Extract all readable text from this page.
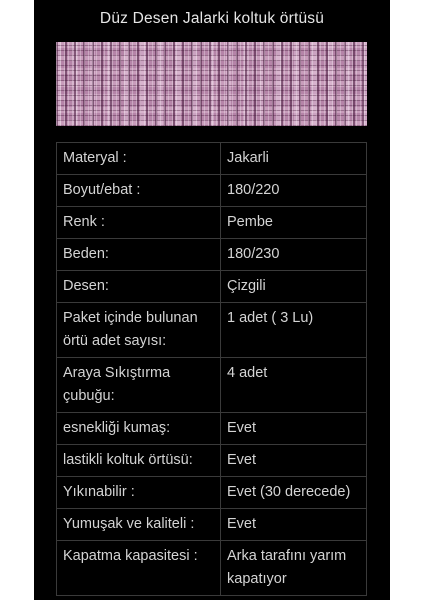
Düz Desen Jalarki koltuk örtüsü
Materyal :	Jakarli
Boyut/ebat :	180/220
Renk :	Pembe
Beden:	180/230
Desen:	Çizgili
Paket içinde bulunan örtü adet sayısı:	1 adet ( 3 Lu)
Araya Sıkıştırma çubuğu:	4 adet
esnekliği kumaş:	Evet
lastikli koltuk örtüsü:	Evet
Yıkınabilir :	Evet (30 derecede)
Yumuşak ve kaliteli :	Evet
Kapatma kapasitesi :	Arka tarafını yarım kapatıyor
